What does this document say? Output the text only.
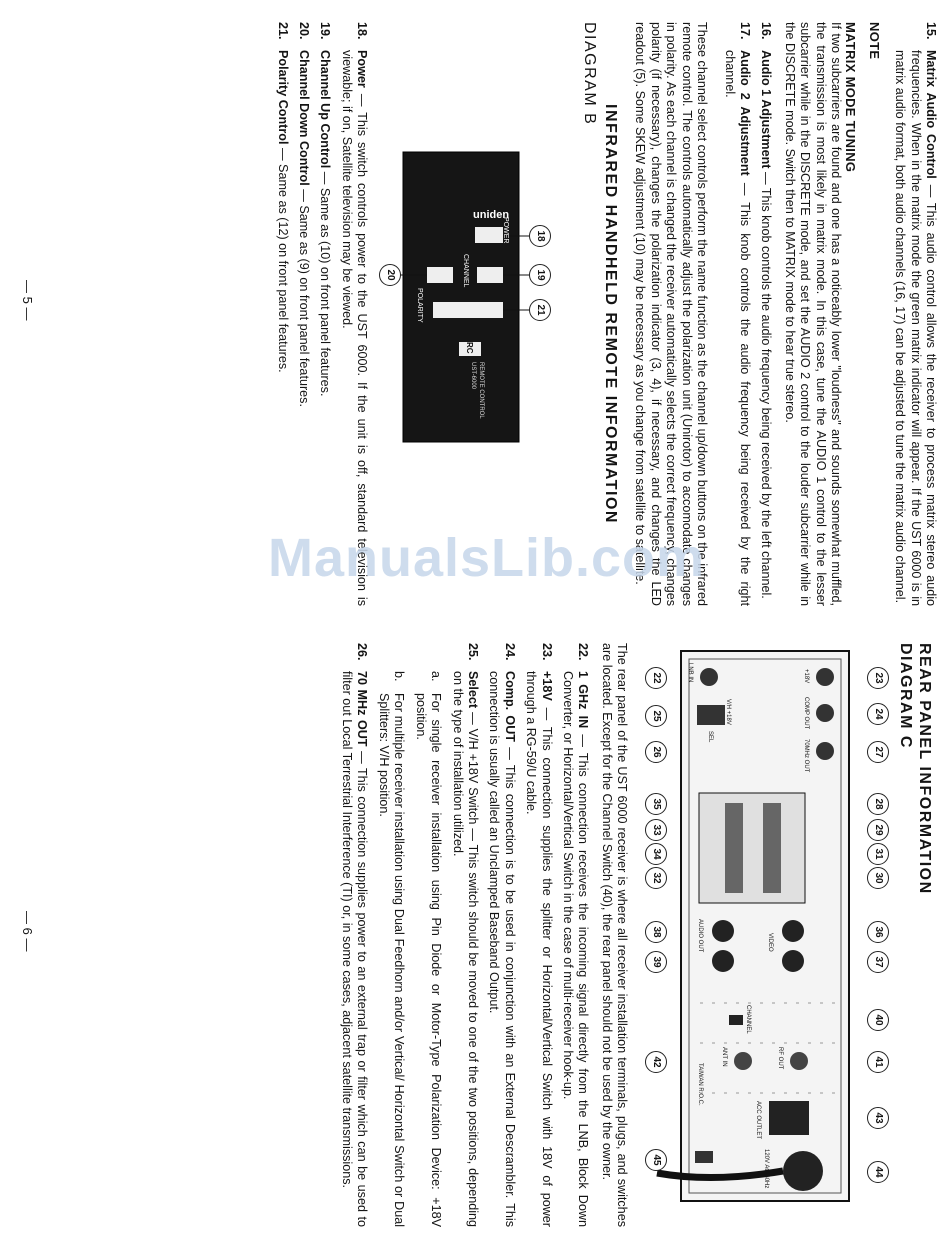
15.
Matrix Audio Control — This audio control allows the receiver to process matrix stereo audio frequencies. When in the matrix mode the green matrix indicator will appear. If the UST 6000 is in matrix audio format, both audio channels (16, 17) can be adjusted to tune the matrix audio channel.
NOTE
MATRIX MODE TUNING
If two subcarriers are found and one has a noticeably lower "loudness" and sounds somewhat muffled, the transmission is most likely in matrix mode. In this case, tune the AUDIO 1 control to the lesser subcarrier while in the DISCRETE mode, and set the AUDIO 2 control to the louder subcarrier while in the DISCRETE mode. Switch then to MATRIX mode to hear true stereo.
16.
Audio 1 Adjustment — This knob controls the audio frequency being received by the left channel.
17.
Audio 2 Adjustment — This knob controls the audio frequency being received by the right channel.
These channel select controls perform the name function as the channel up/down buttons on the infrared remote control. The controls automatically adjust the polarization unit (Unirotor) to accomodate changes in polarity. As each channel is changed the receiver automatically selects the correct frequency, changes polarity (if necessary), changes the polarization indicator (3, 4), if necessary, and changes the LED readout (5). Some SKEW adjustment (10) may be necessary as you change from satellite to satellite.
INFRARED HANDHELD REMOTE INFORMATION
DIAGRAM B
18
19
21
20
uniden
POWER
CHANNEL
POLARITY
RC
REMOTE CONTROL UST-6000
18.
Power — This switch controls power to the UST 6000. If the unit is off, standard television is viewable; if on, Satellite television may be viewed.
19.
Channel Up Control — Same as (10) on front panel features.
20.
Channel Down Control — Same as (9) on front panel features.
21.
Polarity Control — Same as (12) on front panel features.
— 5 —
REAR PANEL INFORMATION
DIAGRAM C
23
24
27
28
29
31
30
36
37
40
41
43
44
22
25
26
35
33
34
32
38
39
42
45
LNB IN
COMP OUT
+18V
V/H +18V
SEL
70MHz OUT
AUDIO OUT	VIDEO
CHANNEL
RF OUT
ANT IN
ACC OUTLET
120V AC 60Hz
TAIWAN R.O.C.
The rear panel of the UST 6000 receiver is where all receiver installation terminals, plugs, and switches are located. Except for the Channel Switch (40), the rear panel should not be used by the owner.
22.
1 GHz IN — This connection receives the incoming signal directly from the LNB, Block Down Converter, or Horizontal/Vertical Switch in the case of multi-receiver hook-up.
23.
+18V — This connection supplies the splitter or Horizontal/Vertical Switch with 18V of power through a RG-59/U cable.
24.
Comp. OUT — This connection is to be used in conjunction with an External Descrambler. This connection is usually called an Unclamped Baseband Output.
25.
Select — V/H +18V Switch — This switch should be moved to one of the two positions, depending on the type of installation utilized.
a.
For single receiver installation using Pin Diode or Motor-Type Polarization Device: +18V position.
b.
For multiple receiver installation using Dual Feedhorn and/or Vertical/ Horizontal Switch or Dual Splitters: V/H position.
26.
70 MHz OUT — This connection supplies power to an external trap or filter which can be used to filter out Local Terrestrial Interference (TI) or, in some cases, adjacent satellite transmissions.
— 6 —
ManualsLib.com
